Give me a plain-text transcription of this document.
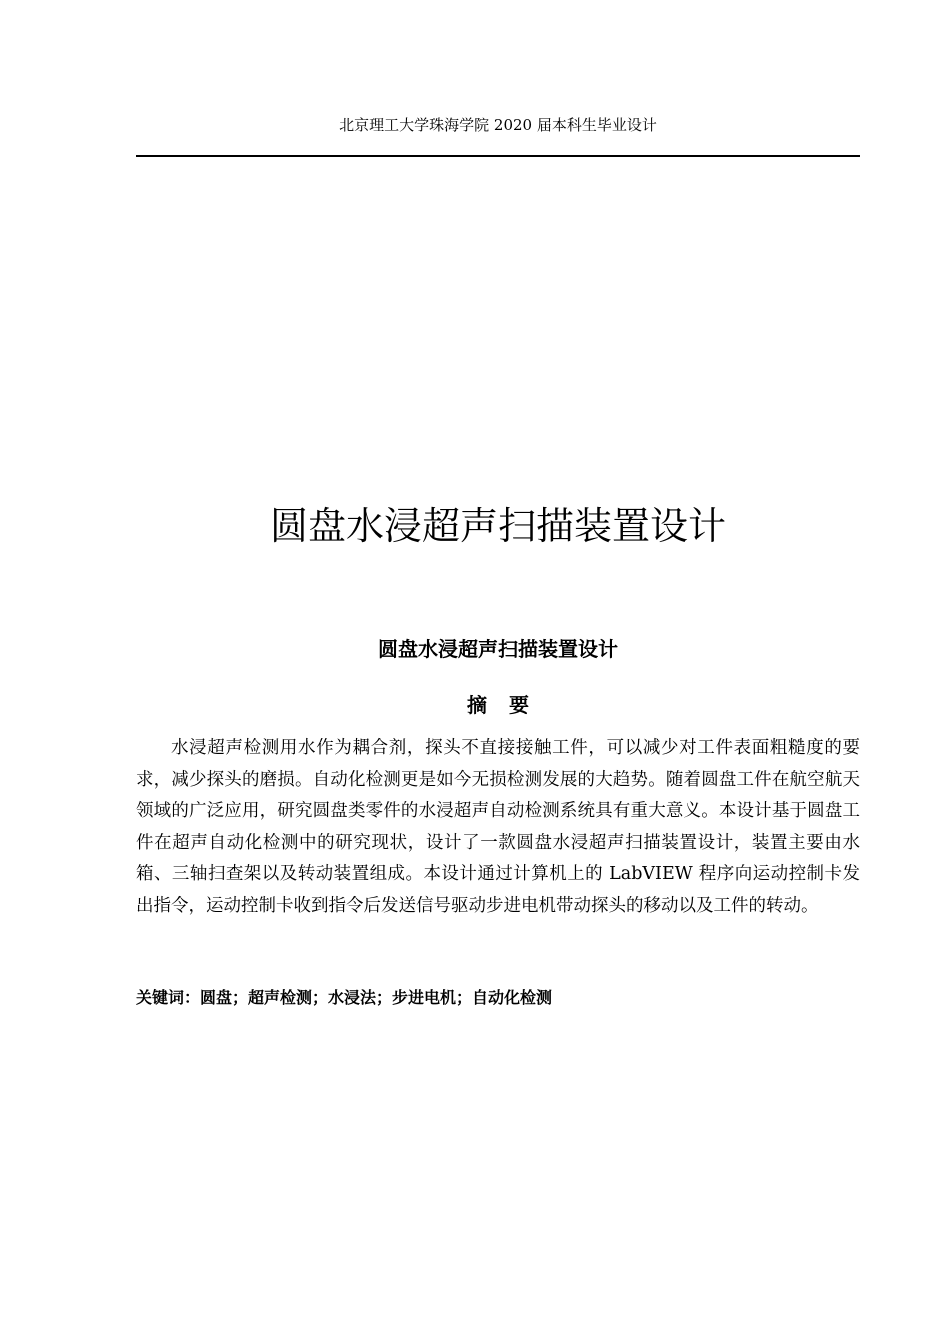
北京理工大学珠海学院 2020 届本科生毕业设计
圆盘水浸超声扫描装置设计
圆盘水浸超声扫描装置设计
摘要

水浸超声检测用水作为耦合剂，探头不直接接触工件，可以减少对工件表面粗糙度的要求，减少探头的磨损。自动化检测更是如今无损检测发展的大趋势。随着圆盘工件在航空航天领域的广泛应用，研究圆盘类零件的水浸超声自动检测系统具有重大意义。本设计基于圆盘工件在超声自动化检测中的研究现状，设计了一款圆盘水浸超声扫描装置设计，装置主要由水箱、三轴扫查架以及转动装置组成。本设计通过计算机上的 LabVIEW 程序向运动控制卡发出指令，运动控制卡收到指令后发送信号驱动步进电机带动探头的移动以及工件的转动。

关键词：圆盘；超声检测；水浸法；步进电机；自动化检测
